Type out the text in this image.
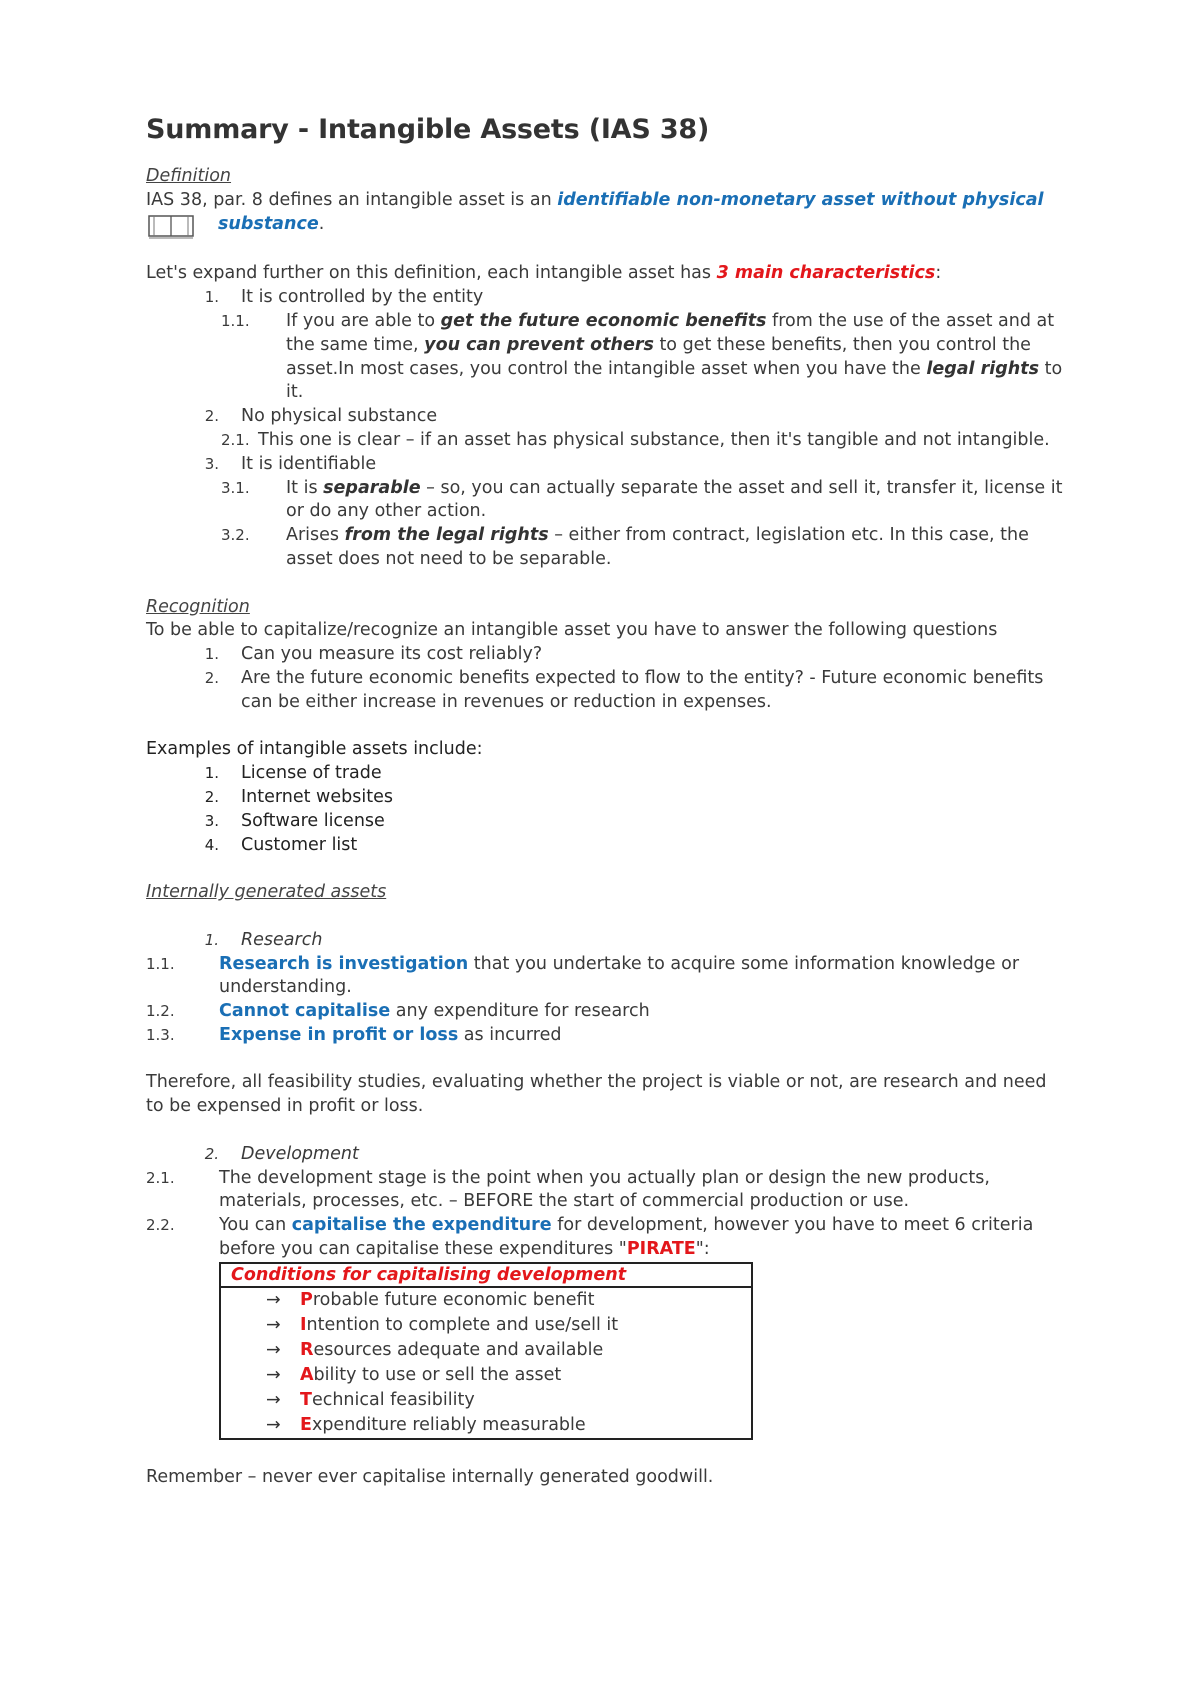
Summary - Intangible Assets (IAS 38)
Definition
IAS 38, par. 8 defines an intangible asset is an identifiable non-monetary asset without physical
substance .
Let's expand further on this definition, each intangible asset has 3 main characteristics:
1.	It is controlled by the entity
1.1.	If you are able to get the future economic benefits from the use of the asset and at the same time, you can prevent others to get these benefits, then you control the asset.In most cases, you control the intangible asset when you have the legal rights to it.
2.	No physical substance
2.1. This one is clear – if an asset has physical substance, then it's tangible and not intangible.
3.	It is identifiable
3.1.	It is separable – so, you can actually separate the asset and sell it, transfer it, license it or do any other action.
3.2.	Arises from the legal rights – either from contract, legislation etc. In this case, the asset does not need to be separable.
Recognition
To be able to capitalize/recognize an intangible asset you have to answer the following questions
1.	Can you measure its cost reliably?
2.	Are the future economic benefits expected to flow to the entity? - Future economic benefits can be either increase in revenues or reduction in expenses.
Examples of intangible assets include:
1.	License of trade
2.	Internet websites
3.	Software license
4.	Customer list
Internally generated assets
1.	Research
1.1.	Research is investigation that you undertake to acquire some information knowledge or understanding.
1.2.	Cannot capitalise any expenditure for research
1.3.	Expense in profit or loss as incurred
Therefore, all feasibility studies, evaluating whether the project is viable or not, are research and need to be expensed in profit or loss.
2.	Development
2.1.	The development stage is the point when you actually plan or design the new products, materials, processes, etc. – BEFORE the start of commercial production or use.
2.2.	You can capitalise the expenditure for development, however you have to meet 6 criteria before you can capitalise these expenditures "PIRATE":
Conditions for capitalising development
→ Probable future economic benefit
→ Intention to complete and use/sell it
→ Resources adequate and available
→ Ability to use or sell the asset
→ Technical feasibility
→ Expenditure reliably measurable
Remember – never ever capitalise internally generated goodwill.
